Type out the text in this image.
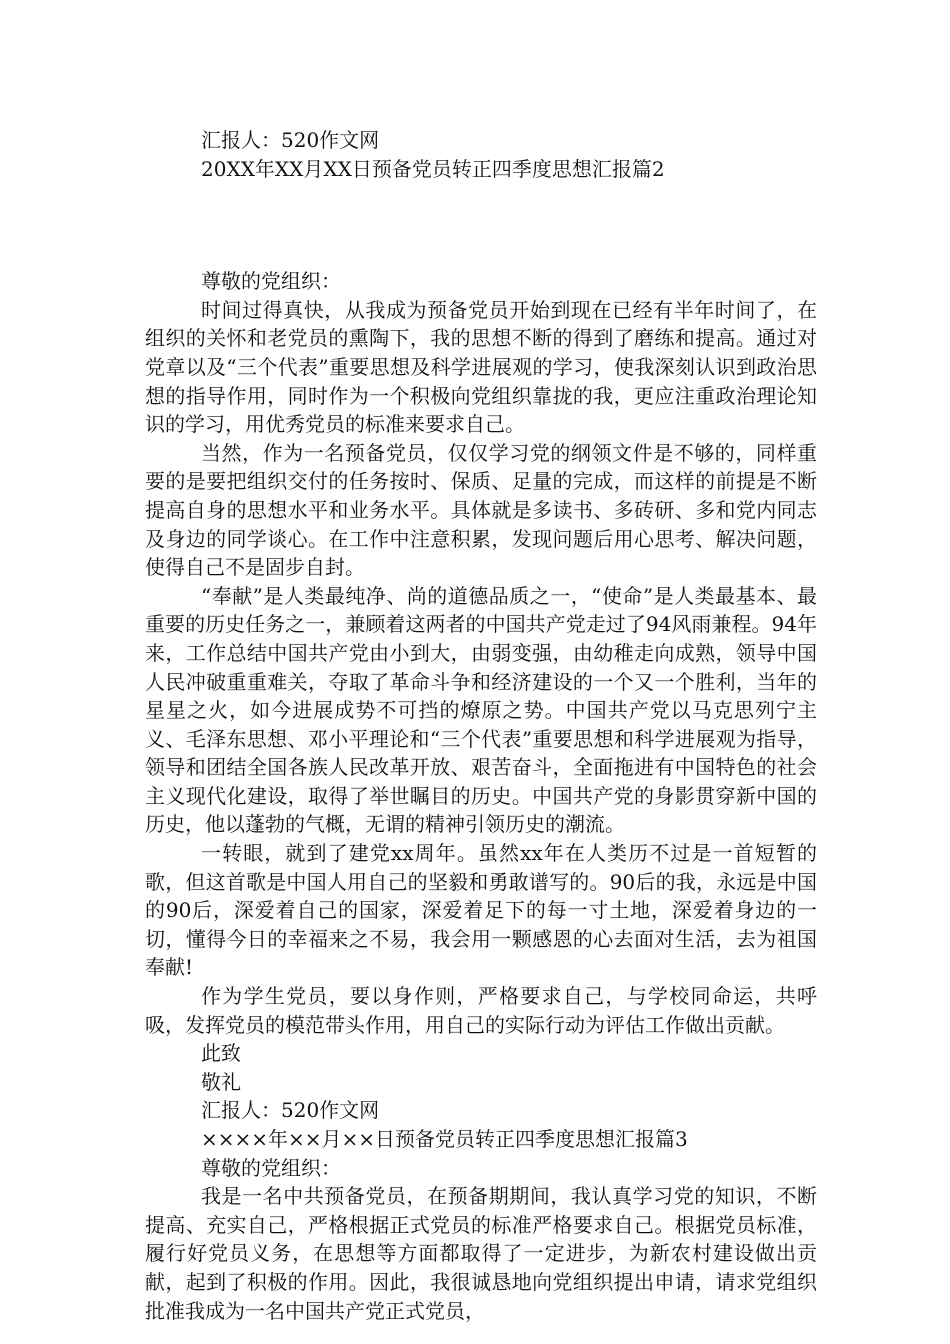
汇报人：520作文网

20XX年XX月XX日预备党员转正四季度思想汇报篇2

尊敬的党组织：

时间过得真快，从我成为预备党员开始到现在已经有半年时间了，在组织的关怀和老党员的熏陶下，我的思想不断的得到了磨练和提高。通过对党章以及“三个代表”重要思想及科学进展观的学习，使我深刻认识到政治思想的指导作用，同时作为一个积极向党组织靠拢的我，更应注重政治理论知识的学习，用优秀党员的标准来要求自己。

当然，作为一名预备党员，仅仅学习党的纲领文件是不够的，同样重要的是要把组织交付的任务按时、保质、足量的完成，而这样的前提是不断提高自身的思想水平和业务水平。具体就是多读书、多砖研、多和党内同志及身边的同学谈心。在工作中注意积累，发现问题后用心思考、解决问题，使得自己不是固步自封。

“奉献”是人类最纯净、尚的道德品质之一，“使命”是人类最基本、最重要的历史任务之一，兼顾着这两者的中国共产党走过了94风雨兼程。94年来，工作总结中国共产党由小到大，由弱变强，由幼稚走向成熟，领导中国人民冲破重重难关，夺取了革命斗争和经济建设的一个又一个胜利，当年的星星之火，如今进展成势不可挡的燎原之势。中国共产党以马克思列宁主义、毛泽东思想、邓小平理论和“三个代表”重要思想和科学进展观为指导，领导和团结全国各族人民改革开放、艰苦奋斗，全面拖进有中国特色的社会主义现代化建设，取得了举世瞩目的历史。中国共产党的身影贯穿新中国的历史，他以蓬勃的气概，无谓的精神引领历史的潮流。

一转眼，就到了建党xx周年。虽然xx年在人类历不过是一首短暂的歌，但这首歌是中国人用自己的坚毅和勇敢谱写的。90后的我，永远是中国的90后，深爱着自己的国家，深爱着足下的每一寸土地，深爱着身边的一切，懂得今日的幸福来之不易，我会用一颗感恩的心去面对生活，去为祖国奉献!

作为学生党员，要以身作则，严格要求自己，与学校同命运，共呼吸，发挥党员的模范带头作用，用自己的实际行动为评估工作做出贡献。

此致

敬礼

汇报人：520作文网

××××年××月××日预备党员转正四季度思想汇报篇3

尊敬的党组织：

我是一名中共预备党员，在预备期期间，我认真学习党的知识，不断提高、充实自己，严格根据正式党员的标准严格要求自己。根据党员标准，履行好党员义务，在思想等方面都取得了一定进步，为新农村建设做出贡献，起到了积极的作用。因此，我很诚恳地向党组织提出申请，请求党组织批准我成为一名中国共产党正式党员，
